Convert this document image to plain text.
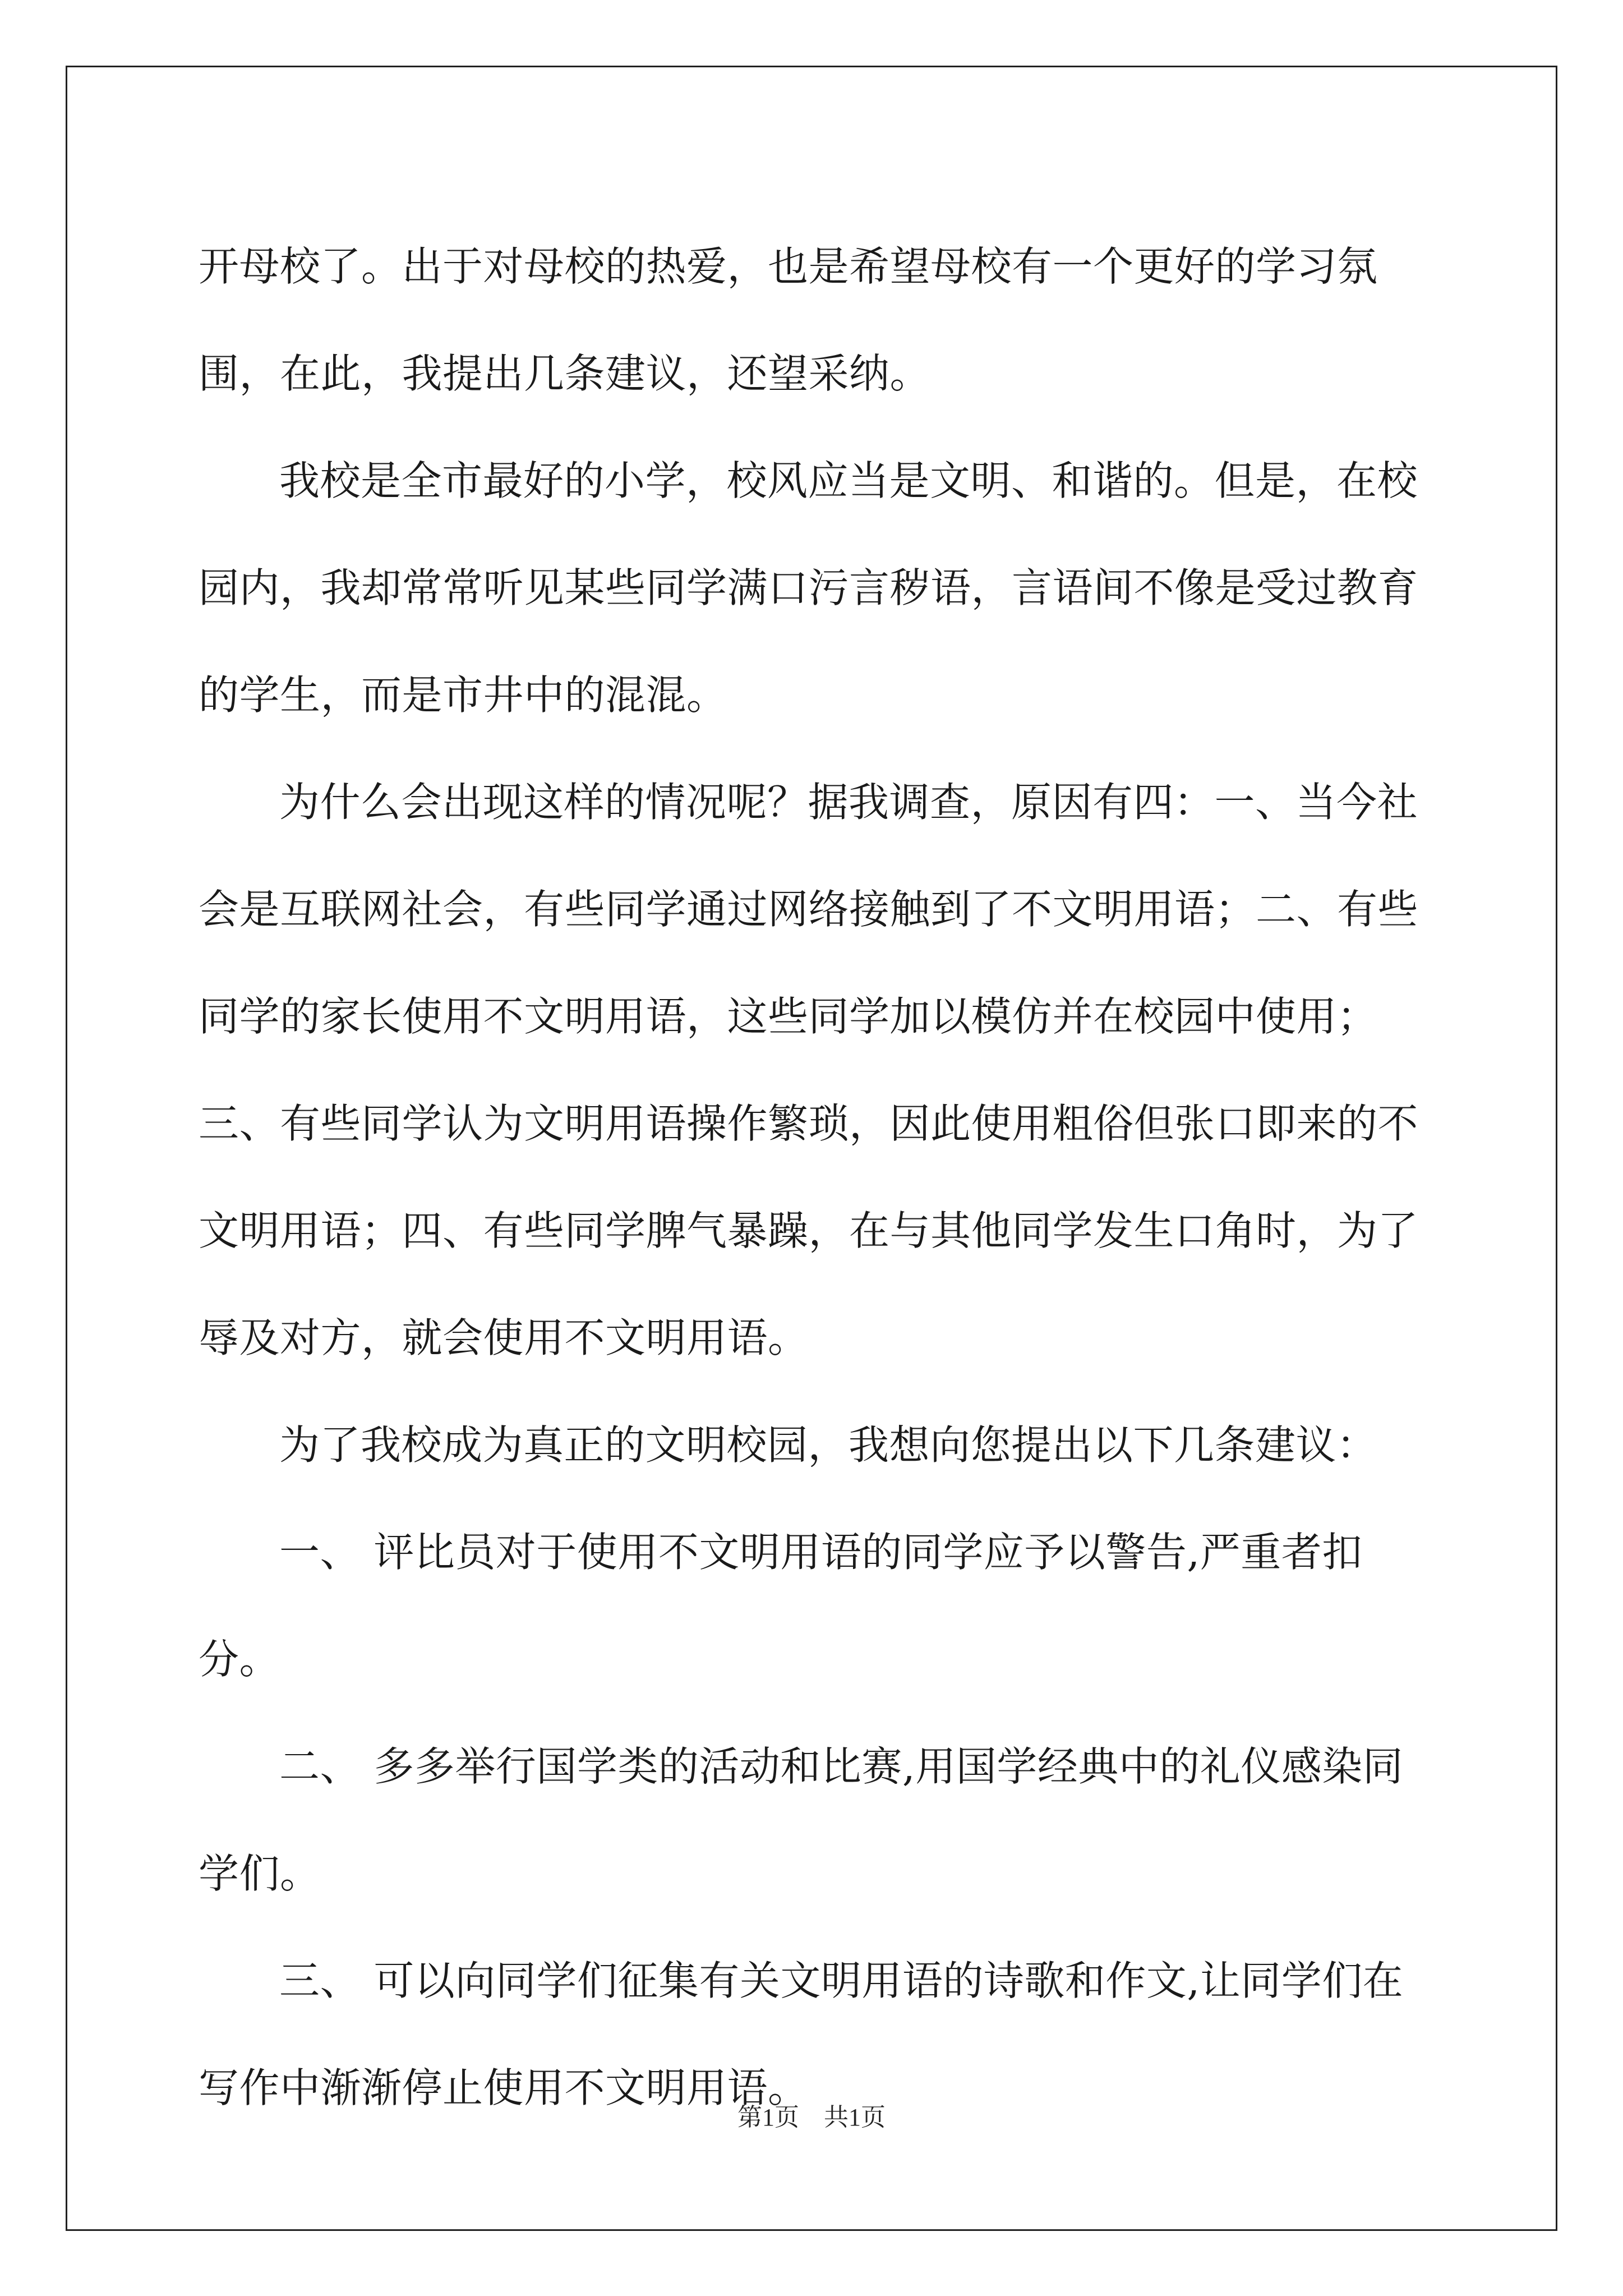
开母校了。出于对母校的热爱，也是希望母校有一个更好的学习氛围，在此，我提出几条建议，还望采纳。

我校是全市最好的小学，校风应当是文明、和谐的。但是，在校园内，我却常常听见某些同学满口污言秽语，言语间不像是受过教育的学生，而是市井中的混混。

为什么会出现这样的情况呢？据我调查，原因有四：一、当今社会是互联网社会，有些同学通过网络接触到了不文明用语；二、有些同学的家长使用不文明用语，这些同学加以模仿并在校园中使用；三、有些同学认为文明用语操作繁琐，因此使用粗俗但张口即来的不文明用语；四、有些同学脾气暴躁，在与其他同学发生口角时，为了辱及对方，就会使用不文明用语。

为了我校成为真正的文明校园，我想向您提出以下几条建议：

一、 评比员对于使用不文明用语的同学应予以警告,严重者扣分。

二、 多多举行国学类的活动和比赛,用国学经典中的礼仪感染同学们。

三、 可以向同学们征集有关文明用语的诗歌和作文,让同学们在写作中渐渐停止使用不文明用语。

第1页 共1页
